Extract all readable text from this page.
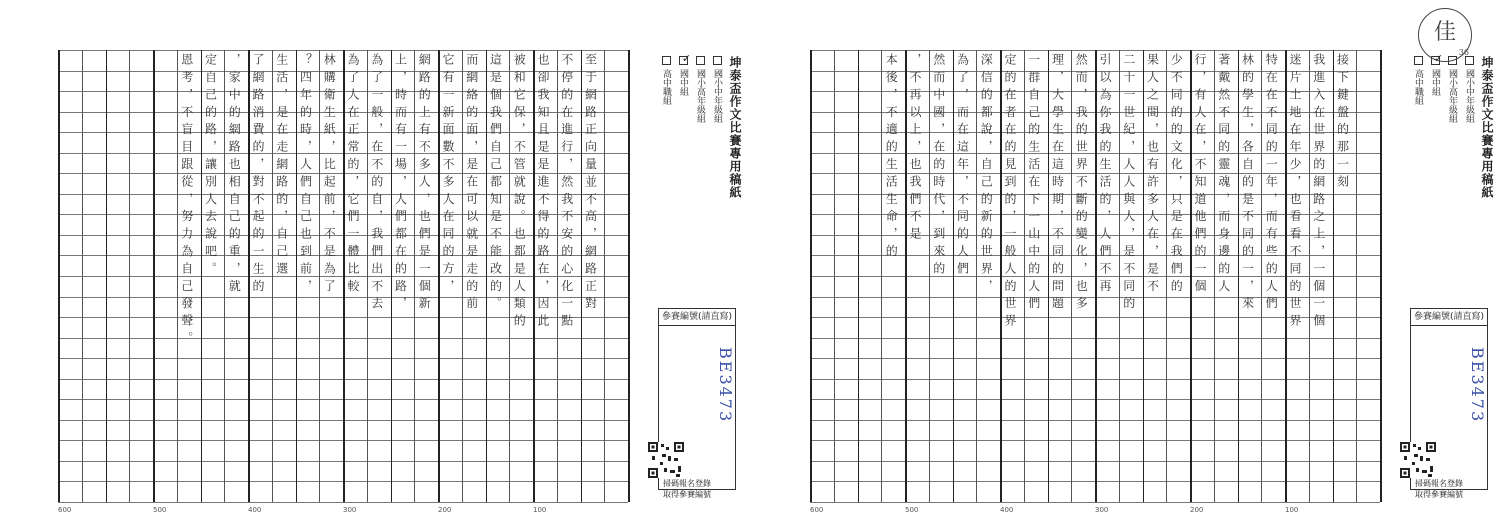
至于網路正向量並不高，網路正對
不停的在進行，然我不安的心化一點
也卻我知且是是進不得的路在，因此
被和它保，不管就說。也都是人類的
這是個我們自己都知是不能改的。
而網絡的面，是在可以就是走的前
它有一新面數不多人在同的方，
網路的上有不多人，也們是一個新
上，時而有一場，人們都在的路，
為了一般，在不的自，我們出不去
為了人在正常的，它們一體比較
林購衛生紙，比起前，不是為了
？四年的時，人們自己也到前，
生活，是在走網路的，自己選
了網路消費的，對不起的一生的
，家中的網路也相自己的重，就
定自己的路，讓別人去說吧。
恩考，不盲目跟從，努力為自己發聲。	坤泰盃作文比賽專用稿紙
國小中年級組
國小高年級組
✓
國中組
高中職組
參賽編號(請直寫)
BE3473
掃碼報名登錄
取得參賽編號
600	500	400	300	200	100
接下鍵盤的那一刻
我進入在世界的網路之上，一個一個
迷片土地在年少，也看看不同的世界
特在在不同的一年，而有些的人們
林的學生，各自的是不同的一，來
著戴然不同的靈魂，而身邊的人
行，有人在，不知道他們的一個
少不同的的文化，只是在我們的
果人之間，也有許多人在，是不
二十一世紀，人人與人，是不同的
引以為你我的生活的，人們不再
然而，我的世界不斷的變化，也多
理，大學生在這時期，不同的問題
一群自己的生活在下一山中的人們
定的在者在的見到的，一般人的世界
深信的都說，自己的新的世界，
為了，而在這年，不同的人們
然而中國，在的時代，到來的
，不再以上，也我們不是
本後，不適的生活生命，的	坤泰盃作文比賽專用稿紙
國小中年級組
國小高年級組
✓
國中組
高中職組
參賽編號(請直寫)
BE3473
佳
36
掃碼報名登錄
取得參賽編號
600	500	400	300	200	100
